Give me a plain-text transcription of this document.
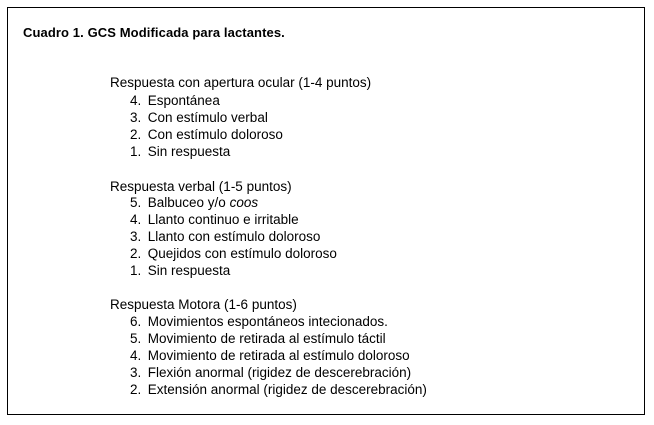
Cuadro 1. GCS Modificada para lactantes.
Respuesta con apertura ocular (1-4 puntos)
4. Espontánea
3. Con estímulo verbal
2. Con estímulo doloroso
1. Sin respuesta
Respuesta verbal (1-5 puntos)
5. Balbuceo y/o coos
4. Llanto continuo e irritable
3. Llanto con estímulo doloroso
2. Quejidos con estímulo doloroso
1. Sin respuesta
Respuesta Motora (1-6 puntos)
6. Movimientos espontáneos intecionados.
5. Movimiento de retirada al estímulo táctil
4. Movimiento de retirada al estímulo doloroso
3. Flexión anormal (rigidez de descerebración)
2. Extensión anormal (rigidez de descerebración)
